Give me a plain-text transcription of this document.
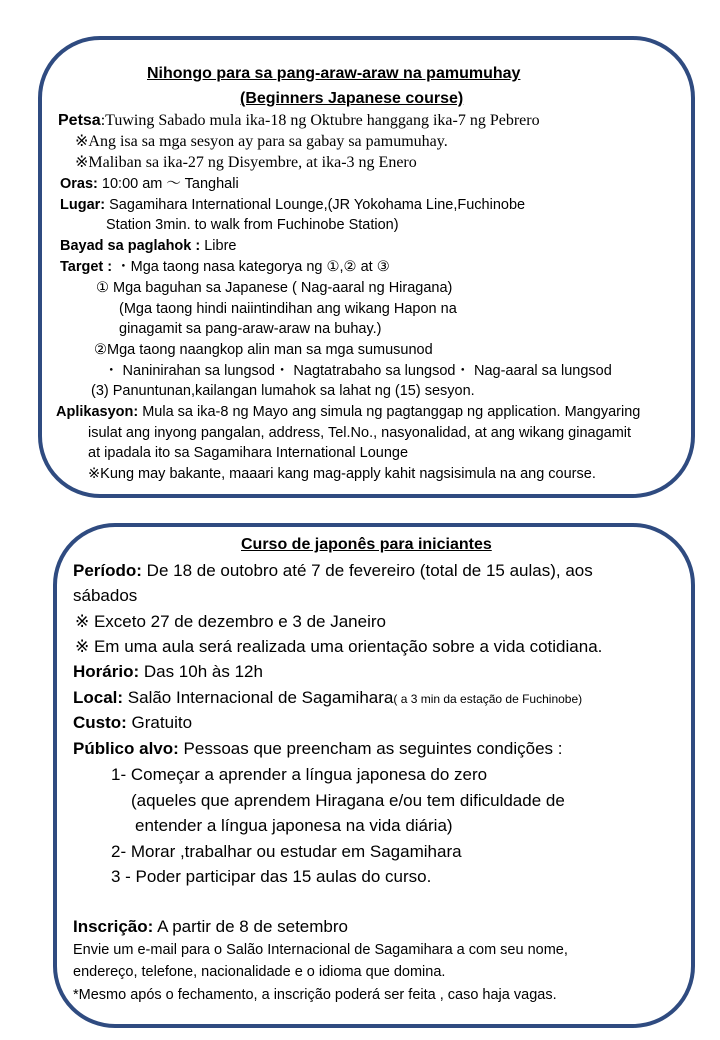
Nihongo para sa pang-araw-araw na pamumuhay
(Beginners Japanese course)
Petsa:Tuwing Sabado mula ika-18 ng Oktubre hanggang ika-7 ng Pebrero
※Ang isa sa mga sesyon ay para sa gabay sa pamumuhay.
※Maliban sa ika-27 ng Disyembre, at ika-3 ng Enero
Oras: 10:00 am ～ Tanghali
Lugar: Sagamihara International Lounge,(JR Yokohama Line,Fuchinobe
Station 3min. to walk from Fuchinobe Station)
Bayad sa paglahok : Libre
Target : ・Mga taong nasa kategorya ng ①,② at ③
① Mga baguhan sa Japanese ( Nag-aaral ng Hiragana)
(Mga taong hindi naiintindihan ang wikang Hapon na
ginagamit sa pang-araw-araw na buhay.)
②Mga taong naangkop alin man sa mga sumusunod
・ Naninirahan sa lungsod・ Nagtatrabaho sa lungsod・ Nag-aaral sa lungsod
(3) Panuntunan,kailangan lumahok sa lahat ng (15) sesyon.
Aplikasyon: Mula sa ika-8 ng Mayo ang simula ng pagtanggap ng application. Mangyaring
isulat ang inyong pangalan, address, Tel.No., nasyonalidad, at ang wikang ginagamit
at ipadala ito sa Sagamihara International Lounge
※Kung may bakante, maaari kang mag-apply kahit nagsisimula na ang course.
Curso de japonês para iniciantes
Período: De 18 de outobro até 7 de fevereiro (total de 15 aulas), aos
sábados
※ Exceto 27 de dezembro e 3 de Janeiro
※ Em uma aula será realizada uma orientação sobre a vida cotidiana.
Horário: Das 10h às 12h
Local: Salão Internacional de Sagamihara( a 3 min da estação de Fuchinobe)
Custo: Gratuito
Público alvo: Pessoas que preencham as seguintes condições :
1- Começar a aprender a língua japonesa do zero
(aqueles que aprendem Hiragana e/ou tem dificuldade de
entender a língua japonesa na vida diária)
2- Morar ,trabalhar ou estudar em Sagamihara
3 - Poder participar das 15 aulas do curso.
Inscrição: A partir de 8 de setembro
Envie um e-mail para o Salão Internacional de Sagamihara a com seu nome,
endereço, telefone, nacionalidade e o idioma que domina.
*Mesmo após o fechamento, a inscrição poderá ser feita , caso haja vagas.
